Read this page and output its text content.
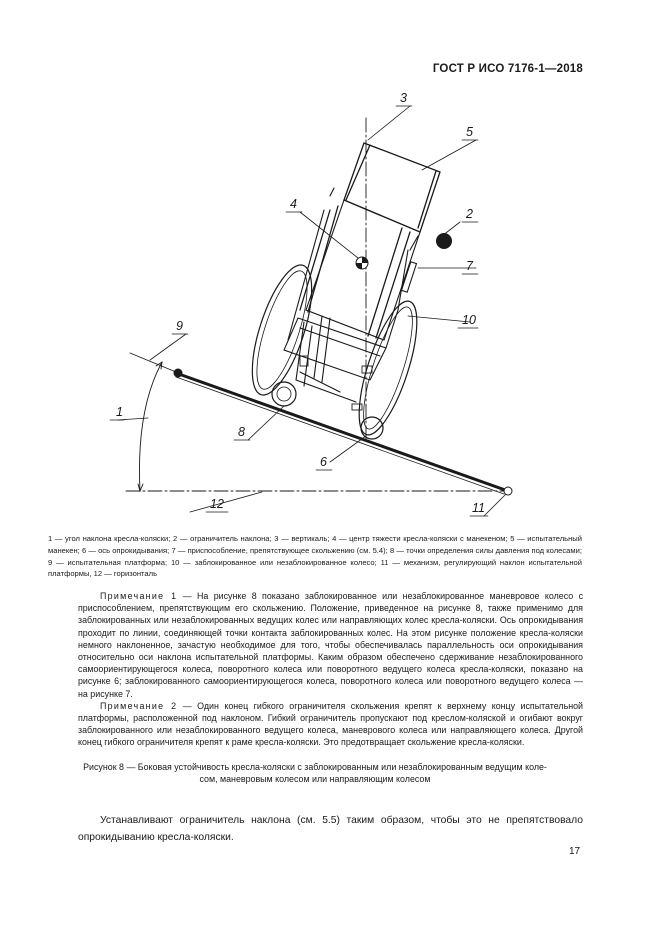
ГОСТ Р ИСО 7176-1—2018
1
2
3
4
5
6
7
8
9	10
11
12
1 — угол наклона кресла-коляски; 2 — ограничитель наклона; 3 — вертикаль; 4 — центр тяжести кресла-коляски с манекеном; 5 — испытательный манекен; 6 — ось опрокидывания; 7 — приспособление, препятствующее скольжению (см. 5.4); 8 — точки определения силы давления под колесами; 9 — испытательная платформа; 10 — заблокированное или незаблокированное колесо; 11 — механизм, регулирующий наклон испытательной платформы, 12 — горизонталь

Примечание 1 — На рисунке 8 показано заблокированное или незаблокированное маневровое колесо с приспособлением, препятствующим его скольжению. Положение, приведенное на рисунке 8, также применимо для заблокированных или незаблокированных ведущих колес или направляющих колес кресла-коляски. Ось опрокидывания проходит по линии, соединяющей точки контакта заблокированных колес. На этом рисунке положение кресла-коляски немного наклоненное, зачастую необходимое для того, чтобы обеспечивалась параллельность оси опрокидывания относительно оси наклона испытательной платформы. Каким образом обеспечено сдерживание незаблокированного самоориентирующегося колеса, поворотного колеса или поворотного ведущего колеса кресла-коляски, показано на рисунке 6; заблокированного самоориентирующегося колеса, поворотного колеса или поворотного ведущего колеса — на рисунке 7.

Примечание 2 — Один конец гибкого ограничителя скольжения крепят к верхнему концу испытательной платформы, расположенной под наклоном. Гибкий ограничитель пропускают под креслом-коляской и огибают вокруг заблокированного или незаблокированного ведущего колеса, маневрового колеса или направляющего колеса. Другой конец гибкого ограничителя крепят к раме кресла-коляски. Это предотвращает скольжение кресла-коляски.

Рисунок 8 — Боковая устойчивость кресла-коляски с заблокированным или незаблокированным ведущим коле-
сом, маневровым колесом или направляющим колесом

Устанавливают ограничитель наклона (см. 5.5) таким образом, чтобы это не препятствовало опрокидыванию кресла-коляски.

17
